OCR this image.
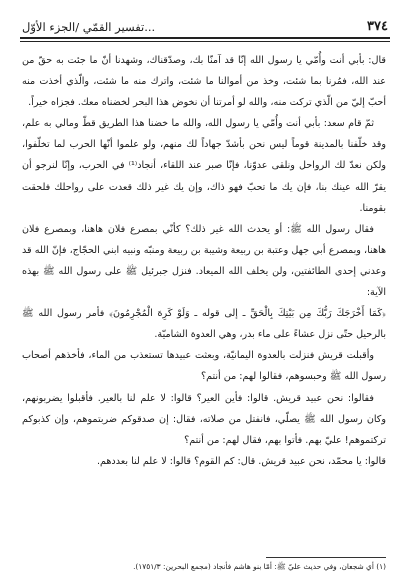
٣٧٤
...تفسير القمّي /الجزء الأوّل

قال: بأبي أنت وأُمّي يا رسول الله إنّا قد آمنّا بك، وصدّقناك، وشهدنا أنّ ما جئت به حقّ من عند الله، فمُرنا بما شئت، وخذ من أموالنا ما شئت، واترك منه ما شئت، والّذي أخذت منه أحبّ إليّ من الّذي تركت منه، والله لو أمرتنا أن نخوض هذا البحر لخضناه معك. فجزاه خيراً.

ثمّ قام سعد: بأبي أنت وأُمّي يا رسول الله، والله ما خضنا هذا الطريق قطّ ومالي به علم، وقد خلّفنا بالمدينة قوماً ليس نحن بأشدّ جهاداً لك منهم، ولو علموا أنّها الحرب لما تخلّفوا، ولكن نعدّ لك الرواحل ونلقى عدوّنا، فإنّا صبر عند اللقاء، أنجاد⁽¹⁾ في الحرب، وإنّا لنرجو أن يقرّ الله عينك بنا، فإن يك ما تحبّ فهو ذاك، وإن يك غير ذلك قعدت على رواحلك فلحقت بقومنا.

فقال رسول الله ﷺ: أو يحدث الله غير ذلك؟ كأنّي بمصرع فلان هاهنا، وبمصرع فلان هاهنا، وبمصرع أبي جهل وعتبة بن ربيعة وشيبة بن ربيعة ومنبّه ونبيه ابني الحجّاج، فإنّ الله قد وعدني إحدى الطائفتين، ولن يخلف الله الميعاد. فنزل جبرئيل ﷺ على رسول الله ﷺ بهذه الآية:

﴿كَمَا أَخْرَجَكَ رَبُّكَ مِن بَيْتِكَ بِالْحَقِّ ـ إلى قوله ـ وَلَوْ كَرِهَ الْمُجْرِمُونَ﴾ فأمر رسول الله ﷺ بالرحيل حتّى نزل عشاءً على ماء بدر، وهي العدوة الشاميّة.

وأقبلت قريش فنزلت بالعدوة اليمانيّة، وبعثت عبيدها تستعذب من الماء، فأخذهم أصحاب رسول الله ﷺ وحبسوهم، فقالوا لهم: من أنتم؟

فقالوا: نحن عبيد قريش. قالوا: فأين العير؟ قالوا: لا علم لنا بالعير. فأقبلوا يضربونهم، وكان رسول الله ﷺ يصلّي، فانفتل من صلاته، فقال: إن صدقوكم ضربتموهم، وإن كذبوكم تركتموهم! عليّ بهم. فأتوا بهم، فقال لهم: من أنتم؟

قالوا: يا محمّد، نحن عبيد قريش. قال: كم القوم؟ قالوا: لا علم لنا بعددهم.

(١) أي شجعان، وفي حديث عليّ ﷺ: أمّا بنو هاشم فأنجاد (مجمع البحرين: ١٧٥١/٣).
